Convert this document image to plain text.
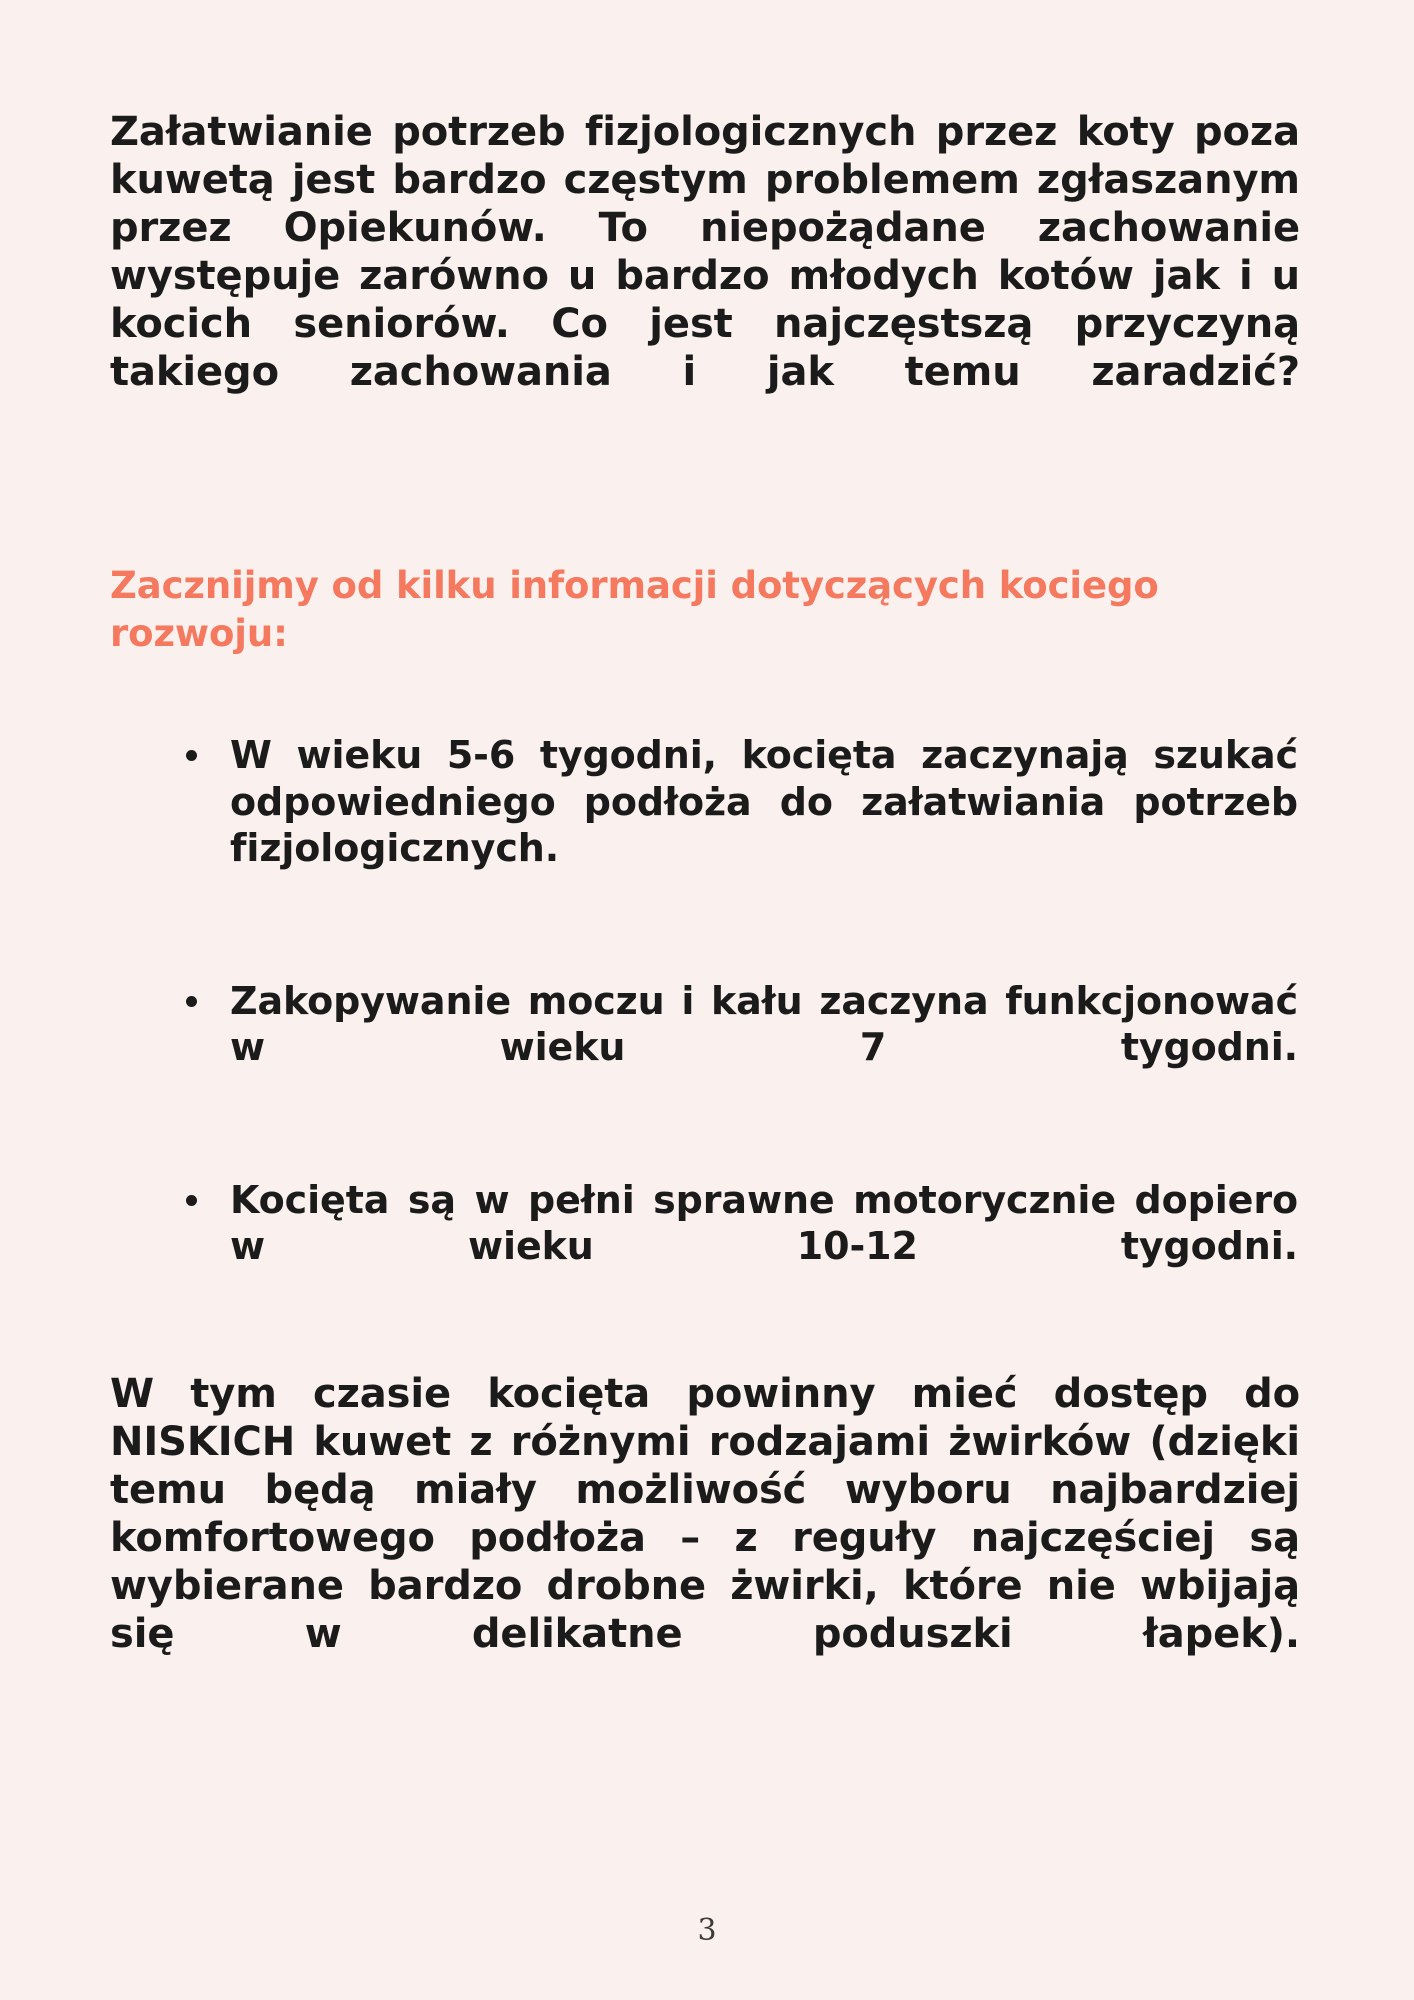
Załatwianie potrzeb fizjologicznych przez koty poza kuwetą jest bardzo częstym problemem zgłaszanym przez Opiekunów. To niepożądane zachowanie występuje zarówno u bardzo młodych kotów jak i u kocich seniorów. Co jest najczęstszą przyczyną takiego zachowania i jak temu zaradzić?

Zacznijmy od kilku informacji dotyczących kociego rozwoju:

W wieku 5-6 tygodni, kocięta zaczynają szukać odpowiedniego podłoża do załatwiania potrzeb fizjologicznych.
Zakopywanie moczu i kału zaczyna funkcjonować w wieku 7 tygodni.
Kocięta są w pełni sprawne motorycznie dopiero w wieku 10-12 tygodni.

W tym czasie kocięta powinny mieć dostęp do NISKICH kuwet z różnymi rodzajami żwirków (dzięki temu będą miały możliwość wyboru najbardziej komfortowego podłoża – z reguły najczęściej są wybierane bardzo drobne żwirki, które nie wbijają się w delikatne poduszki łapek).

3
